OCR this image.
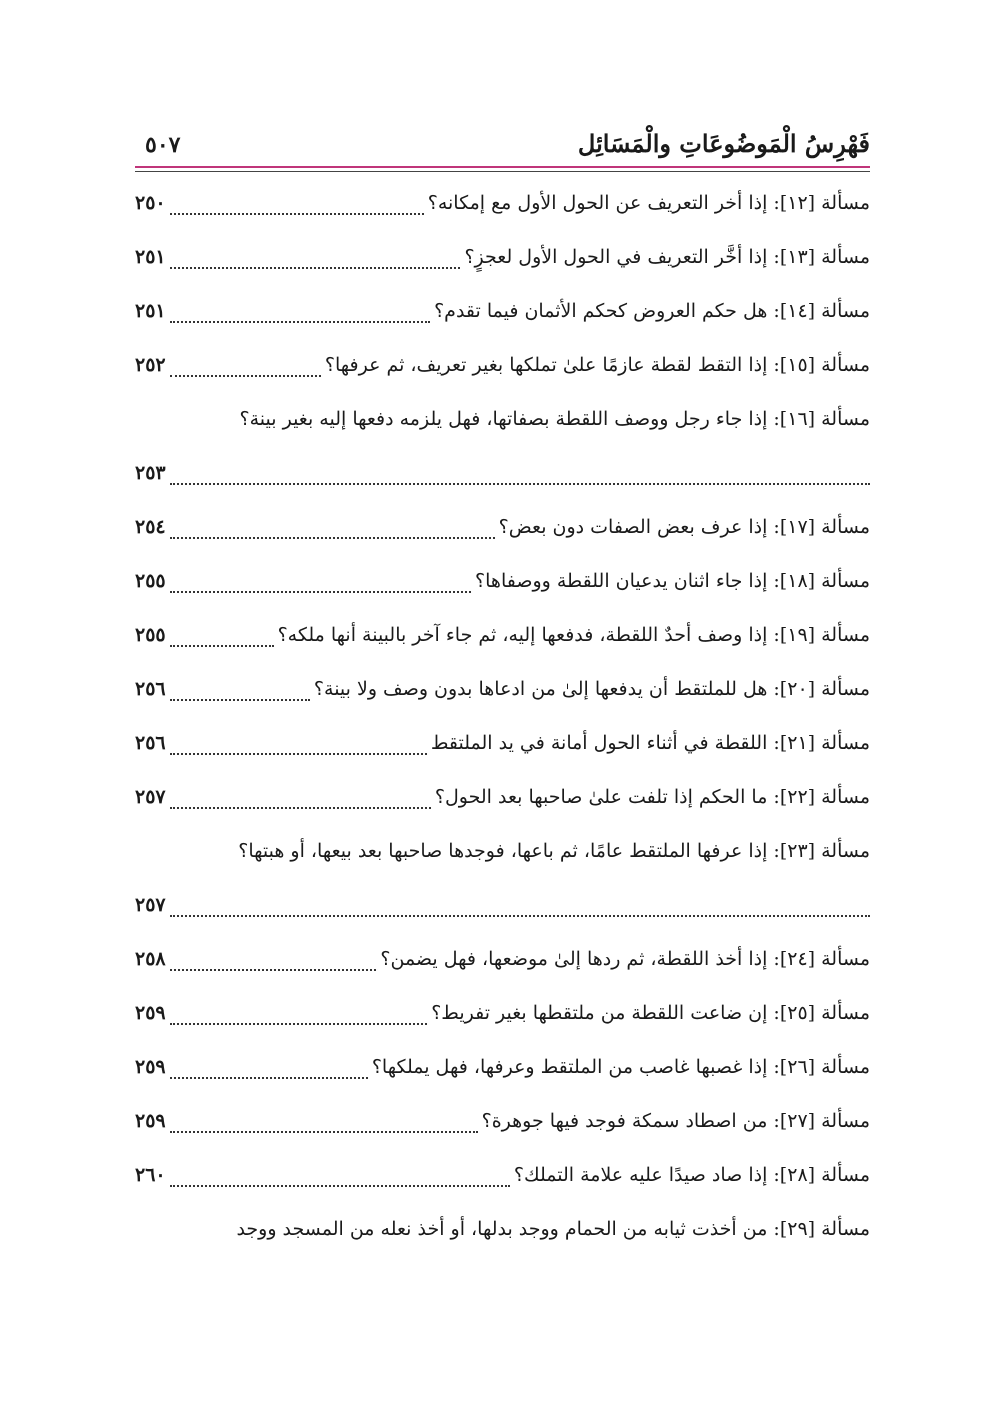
فَهْرِسُ الْمَوضُوعَاتِ والْمَسَائِل
٥٠٧
مسألة [١٢]: إذا أخر التعريف عن الحول الأول مع إمكانه؟
٢٥٠
مسألة [١٣]: إذا أخَّر التعريف في الحول الأول لعجزٍ؟
٢٥١
مسألة [١٤]: هل حكم العروض كحكم الأثمان فيما تقدم؟
٢٥١
مسألة [١٥]: إذا التقط لقطة عازمًا علىٰ تملكها بغير تعريف، ثم عرفها؟
٢٥٢
مسألة [١٦]: إذا جاء رجل ووصف اللقطة بصفاتها، فهل يلزمه دفعها إليه بغير بينة؟
٢٥٣
مسألة [١٧]: إذا عرف بعض الصفات دون بعض؟
٢٥٤
مسألة [١٨]: إذا جاء اثنان يدعيان اللقطة ووصفاها؟
٢٥٥
مسألة [١٩]: إذا وصف أحدٌ اللقطة، فدفعها إليه، ثم جاء آخر بالبينة أنها ملكه؟
٢٥٥
مسألة [٢٠]: هل للملتقط أن يدفعها إلىٰ من ادعاها بدون وصف ولا بينة؟
٢٥٦
مسألة [٢١]: اللقطة في أثناء الحول أمانة في يد الملتقط
٢٥٦
مسألة [٢٢]: ما الحكم إذا تلفت علىٰ صاحبها بعد الحول؟
٢٥٧
مسألة [٢٣]: إذا عرفها الملتقط عامًا، ثم باعها، فوجدها صاحبها بعد بيعها، أو هبتها؟
٢٥٧
مسألة [٢٤]: إذا أخذ اللقطة، ثم ردها إلىٰ موضعها، فهل يضمن؟
٢٥٨
مسألة [٢٥]: إن ضاعت اللقطة من ملتقطها بغير تفريط؟
٢٥٩
مسألة [٢٦]: إذا غصبها غاصب من الملتقط وعرفها، فهل يملكها؟
٢٥٩
مسألة [٢٧]: من اصطاد سمكة فوجد فيها جوهرة؟
٢٥٩
مسألة [٢٨]: إذا صاد صيدًا عليه علامة التملك؟
٢٦٠
مسألة [٢٩]: من أخذت ثيابه من الحمام ووجد بدلها، أو أخذ نعله من المسجد ووجد
